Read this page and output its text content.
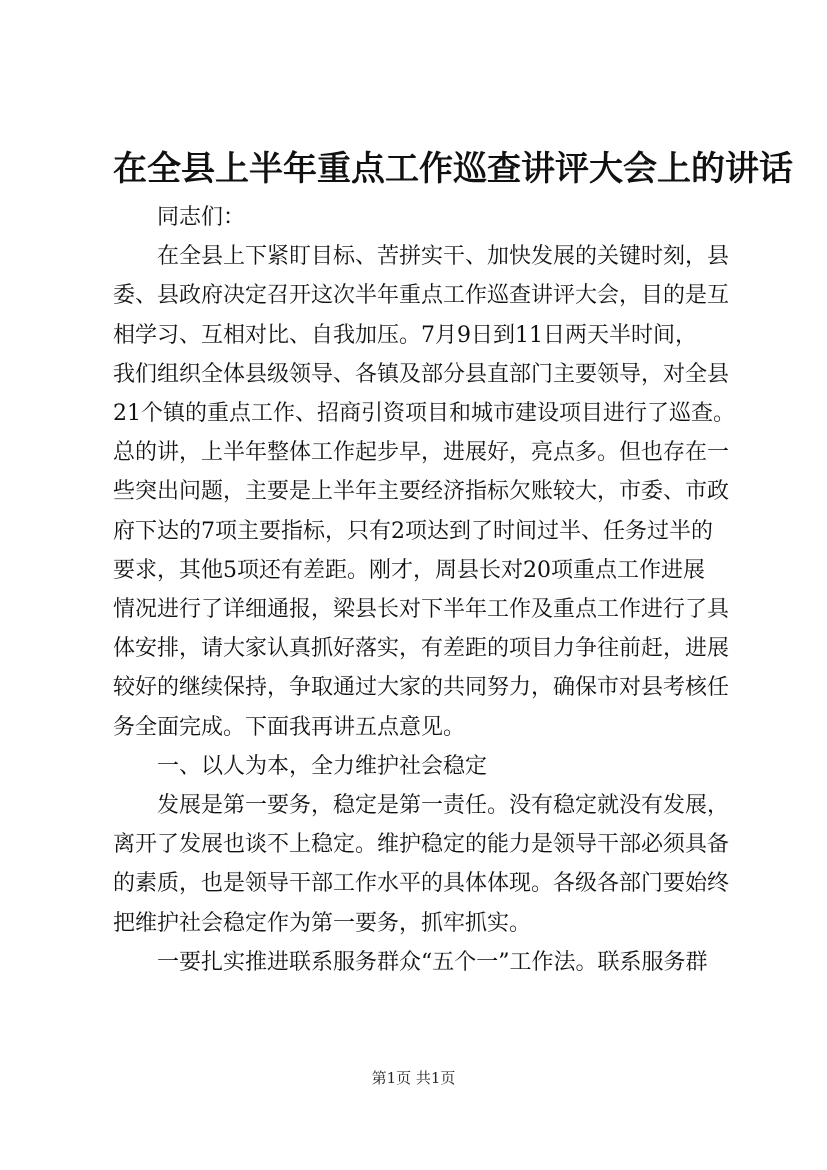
在全县上半年重点工作巡查讲评大会上的讲话

同志们：

在全县上下紧盯目标、苦拼实干、加快发展的关键时刻，县

委、县政府决定召开这次半年重点工作巡查讲评大会，目的是互

相学习、互相对比、自我加压。7月9日到11日两天半时间，

我们组织全体县级领导、各镇及部分县直部门主要领导，对全县

21个镇的重点工作、招商引资项目和城市建设项目进行了巡查。

总的讲，上半年整体工作起步早，进展好，亮点多。但也存在一

些突出问题，主要是上半年主要经济指标欠账较大，市委、市政

府下达的7项主要指标，只有2项达到了时间过半、任务过半的

要求，其他5项还有差距。刚才，周县长对20项重点工作进展

情况进行了详细通报，梁县长对下半年工作及重点工作进行了具

体安排，请大家认真抓好落实，有差距的项目力争往前赶，进展

较好的继续保持，争取通过大家的共同努力，确保市对县考核任

务全面完成。下面我再讲五点意见。

一、以人为本，全力维护社会稳定

发展是第一要务，稳定是第一责任。没有稳定就没有发展，

离开了发展也谈不上稳定。维护稳定的能力是领导干部必须具备

的素质，也是领导干部工作水平的具体体现。各级各部门要始终

把维护社会稳定作为第一要务，抓牢抓实。

一要扎实推进联系服务群众“五个一”工作法。联系服务群

第1页 共1页
